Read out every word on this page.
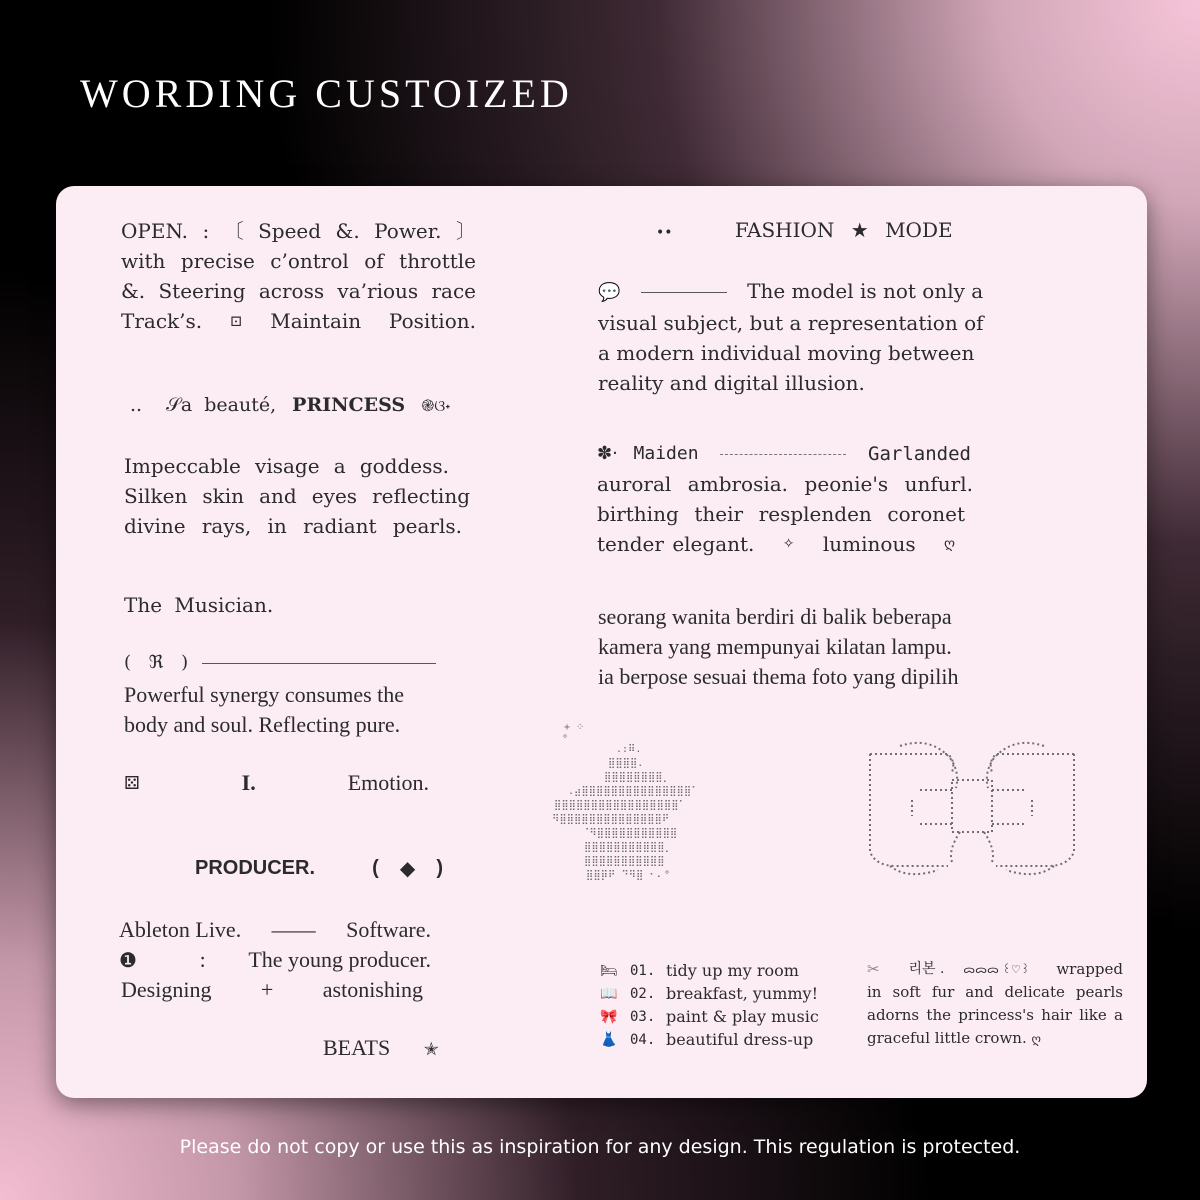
WORDING CUSTOIZED
OPEN. : 〔 Speed &. Power. 〕
with precise c’ontrol of throttle
&. Steering across va’rious race
Track’s. ⊡ Maintain Position.
.. 𝒮a beauté, PRINCESS ֎ଓ˖
Impeccable visage a goddess.
Silken skin and eyes reflecting
divine rays, in radiant pearls.
The Musician.
( ℜ )
Powerful synergy consumes the
body and soul. Reflecting pure.
⚄	I.	Emotion.
PRODUCER.	( ◆ )
Ableton Live. —— Software.
❶	: The young producer.
Designing + astonishing
BEATS ✭
••	FASHION ★ MODE
💬	The model is not only a
visual subject, but a representation of
a modern individual moving between
reality and digital illusion.
✽· Maiden	Garlanded
auroral ambrosia. peonie's unfurl.
birthing their resplenden coronet
tender elegant. ✧ luminous ღ
seorang wanita berdiri di balik beberapa
kamera yang mempunyai kilatan lampu.
ia berpose sesuai thema foto yang dipilih
+ ⁘
°
.:⠿.
⣿⣿⣿⣿.
⣿⣿⣿⣿⣿⣿⣿⣿⡀
.⣴⣿⣿⣿⣿⣿⣿⣿⣿⣿⣿⣿⣿⣿⣿⣿⠁
⣿⣿⣿⣿⣿⣿⣿⣿⣿⣿⣿⣿⣿⣿⣿⣿⣿⠁
⠻⣿⣿⣿⣿⣿⣿⣿⣿⣿⣿⣿⣿⣿⣿⠟
⠈⠻⣿⣿⣿⣿⣿⣿⣿⣿⣿⣿⣿
⣿⣿⣿⣿⣿⣿⣿⣿⣿⣿⣿⡀
⣿⣿⣿⣿⣿⣿⣿⣿⣿⣿⣿
⣿⣿⡿⠟ ⠙⠻⣿ ⠂⠄°
🛏 01. tidy up my room
📖 02. breakfast, yummy!
🎀 03. paint & play music
👗 04. beautiful dress-up
✂ 리본 . ᯅᯅᯅ ꒰♡꒱ wrapped
in soft fur and delicate pearls
adorns the princess's hair like a
graceful little crown. ღ
Please do not copy or use this as inspiration for any design. This regulation is protected.
